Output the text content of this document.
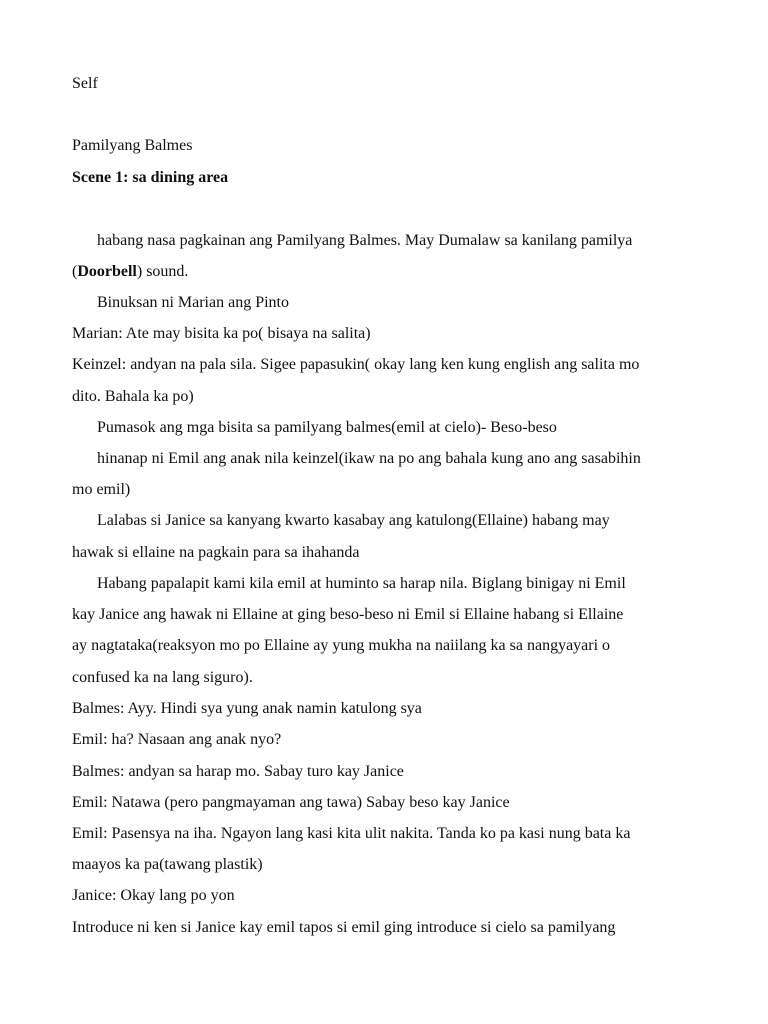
Self
Pamilyang Balmes
Scene 1: sa dining area
habang nasa pagkainan ang Pamilyang Balmes. May Dumalaw sa kanilang pamilya
(Doorbell) sound.
Binuksan ni Marian ang Pinto
Marian: Ate may bisita ka po( bisaya na salita)
Keinzel: andyan na pala sila. Sigee papasukin( okay lang ken kung english ang salita mo
dito. Bahala ka po)
Pumasok ang mga bisita sa pamilyang balmes(emil at cielo)- Beso-beso
hinanap ni Emil ang anak nila keinzel(ikaw na po ang bahala kung ano ang sasabihin
mo emil)
Lalabas si Janice sa kanyang kwarto kasabay ang katulong(Ellaine) habang may
hawak si ellaine na pagkain para sa ihahanda
Habang papalapit kami kila emil at huminto sa harap nila. Biglang binigay ni Emil
kay Janice ang hawak ni Ellaine at ging beso-beso ni Emil si Ellaine habang si Ellaine
ay nagtataka(reaksyon mo po Ellaine ay yung mukha na naiilang ka sa nangyayari o
confused ka na lang siguro).
Balmes: Ayy. Hindi sya yung anak namin katulong sya
Emil: ha? Nasaan ang anak nyo?
Balmes: andyan sa harap mo. Sabay turo kay Janice
Emil: Natawa (pero pangmayaman ang tawa) Sabay beso kay Janice
Emil: Pasensya na iha. Ngayon lang kasi kita ulit nakita. Tanda ko pa kasi nung bata ka
maayos ka pa(tawang plastik)
Janice: Okay lang po yon
Introduce ni ken si Janice kay emil tapos si emil ging introduce si cielo sa pamilyang
